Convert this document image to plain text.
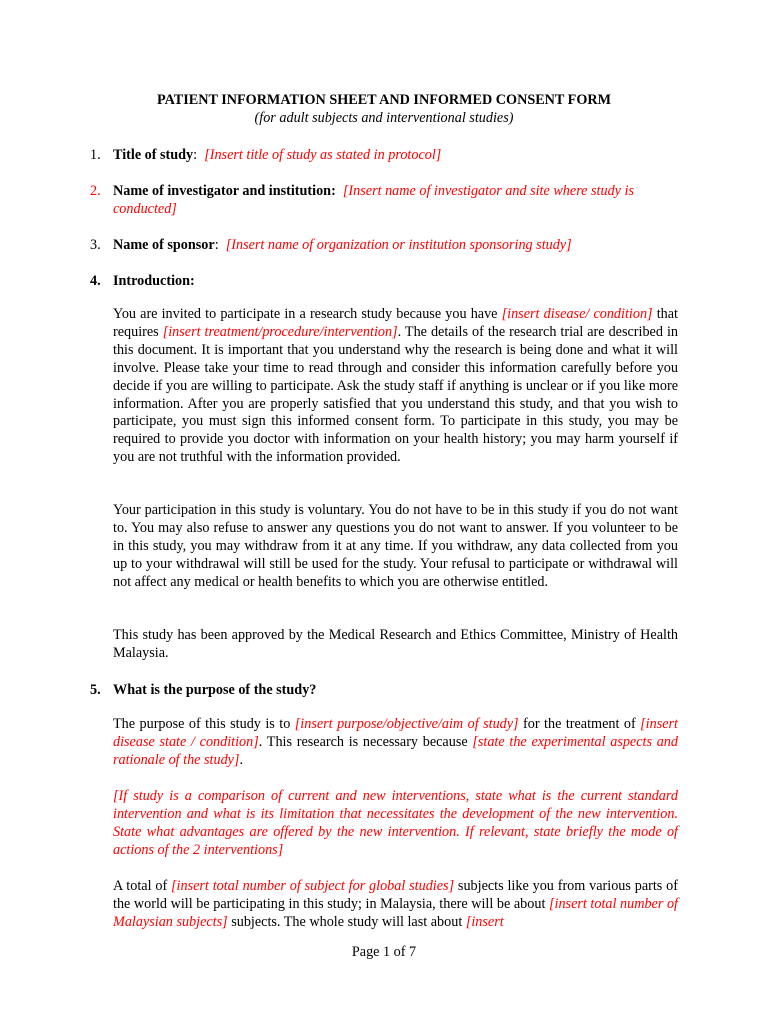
PATIENT INFORMATION SHEET AND INFORMED CONSENT FORM
(for adult subjects and interventional studies)
1. Title of study: [Insert title of study as stated in protocol]
2. Name of investigator and institution: [Insert name of investigator and site where study is conducted]
3. Name of sponsor: [Insert name of organization or institution sponsoring study]
4. Introduction:
You are invited to participate in a research study because you have [insert disease/ condition] that requires [insert treatment/procedure/intervention]. The details of the research trial are described in this document. It is important that you understand why the research is being done and what it will involve. Please take your time to read through and consider this information carefully before you decide if you are willing to participate. Ask the study staff if anything is unclear or if you like more information. After you are properly satisfied that you understand this study, and that you wish to participate, you must sign this informed consent form. To participate in this study, you may be required to provide you doctor with information on your health history; you may harm yourself if you are not truthful with the information provided.
Your participation in this study is voluntary. You do not have to be in this study if you do not want to. You may also refuse to answer any questions you do not want to answer. If you volunteer to be in this study, you may withdraw from it at any time. If you withdraw, any data collected from you up to your withdrawal will still be used for the study. Your refusal to participate or withdrawal will not affect any medical or health benefits to which you are otherwise entitled.
This study has been approved by the Medical Research and Ethics Committee, Ministry of Health Malaysia.
5. What is the purpose of the study?
The purpose of this study is to [insert purpose/objective/aim of study] for the treatment of [insert disease state / condition]. This research is necessary because [state the experimental aspects and rationale of the study].
[If study is a comparison of current and new interventions, state what is the current standard intervention and what is its limitation that necessitates the development of the new intervention. State what advantages are offered by the new intervention. If relevant, state briefly the mode of actions of the 2 interventions]
A total of [insert total number of subject for global studies] subjects like you from various parts of the world will be participating in this study; in Malaysia, there will be about [insert total number of Malaysian subjects] subjects. The whole study will last about [insert
Page 1 of 7
